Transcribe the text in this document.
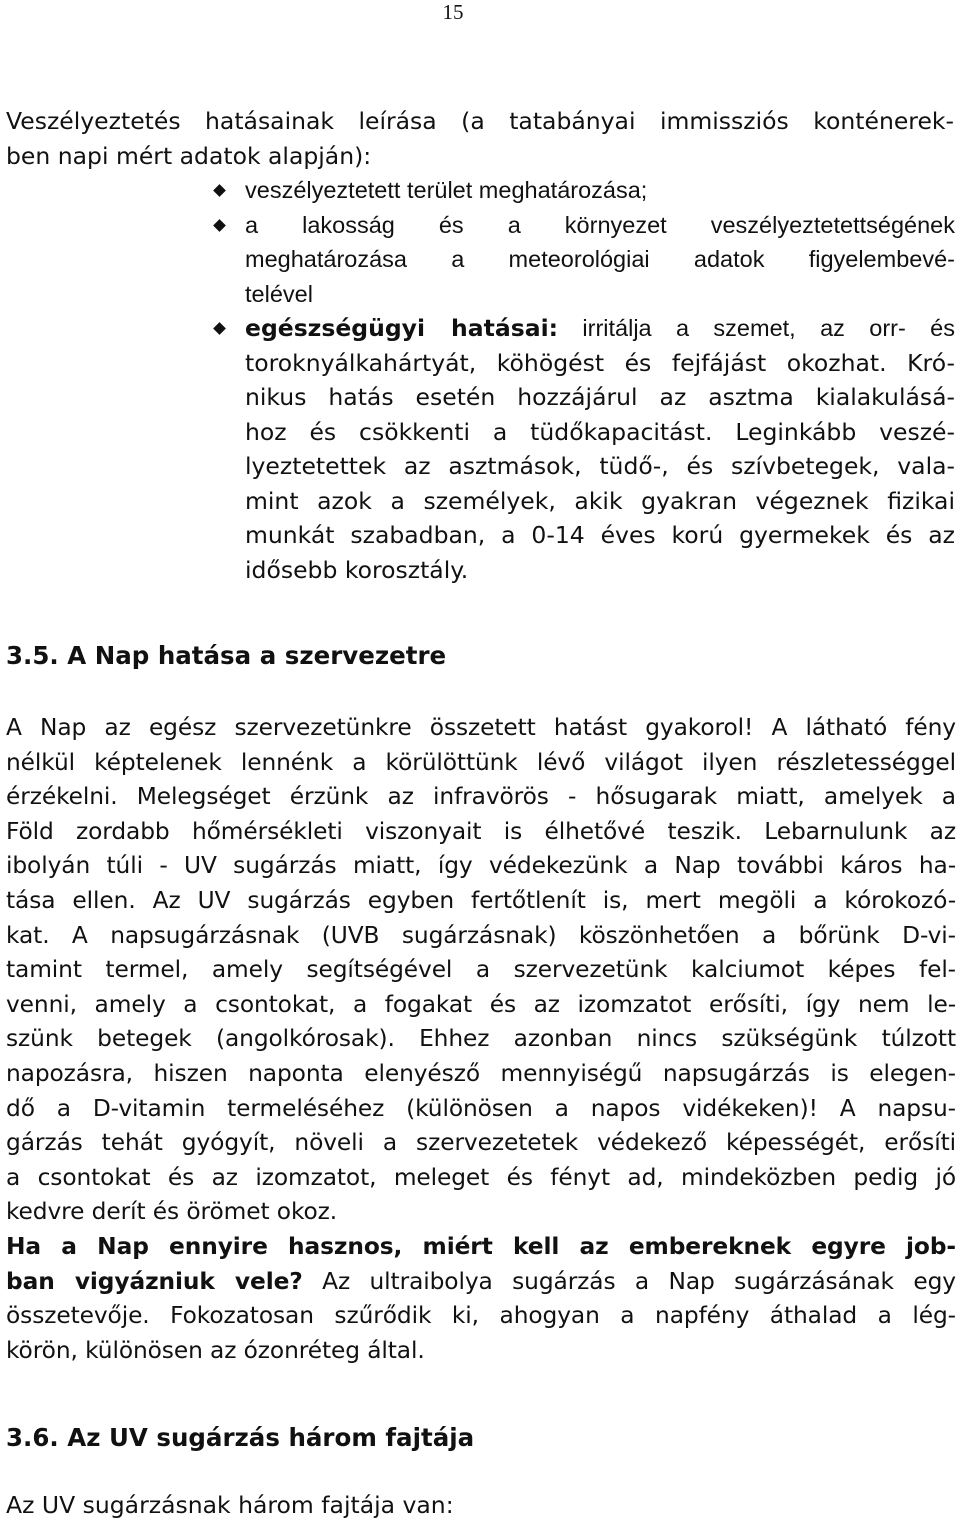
15
Veszélyeztetés hatásainak leírása (a tatabányai immissziós konténerek-
ben napi mért adatok alapján):
veszélyeztetett terület meghatározása;
a lakosság és a környezet veszélyeztetettségének
meghatározása a meteorológiai adatok figyelembevé-
telével
egészségügyi hatásai: irritálja a szemet, az orr- és
toroknyálkahártyát, köhögést és fejfájást okozhat. Kró-
nikus hatás esetén hozzájárul az asztma kialakulásá-
hoz és csökkenti a tüdőkapacitást. Leginkább veszé-
lyeztetettek az asztmások, tüdő-, és szívbetegek, vala-
mint azok a személyek, akik gyakran végeznek fizikai
munkát szabadban, a 0-14 éves korú gyermekek és az
idősebb korosztály.
3.5. A Nap hatása a szervezetre
A Nap az egész szervezetünkre összetett hatást gyakorol! A látható fény
nélkül képtelenek lennénk a körülöttünk lévő világot ilyen részletességgel
érzékelni. Melegséget érzünk az infravörös - hősugarak miatt, amelyek a
Föld zordabb hőmérsékleti viszonyait is élhetővé teszik. Lebarnulunk az
ibolyán túli - UV sugárzás miatt, így védekezünk a Nap további káros ha-
tása ellen. Az UV sugárzás egyben fertőtlenít is, mert megöli a kórokozó-
kat. A napsugárzásnak (UVB sugárzásnak) köszönhetően a bőrünk D-vi-
tamint termel, amely segítségével a szervezetünk kalciumot képes fel-
venni, amely a csontokat, a fogakat és az izomzatot erősíti, így nem le-
szünk betegek (angolkórosak). Ehhez azonban nincs szükségünk túlzott
napozásra, hiszen naponta elenyésző mennyiségű napsugárzás is elegen-
dő a D-vitamin termeléséhez (különösen a napos vidékeken)! A napsu-
gárzás tehát gyógyít, növeli a szervezetetek védekező képességét, erősíti
a csontokat és az izomzatot, meleget és fényt ad, mindeközben pedig jó
kedvre derít és örömet okoz.
Ha a Nap ennyire hasznos, miért kell az embereknek egyre job-
ban vigyázniuk vele? Az ultraibolya sugárzás a Nap sugárzásának egy
összetevője. Fokozatosan szűrődik ki, ahogyan a napfény áthalad a lég-
körön, különösen az ózonréteg által.
3.6. Az UV sugárzás három fajtája
Az UV sugárzásnak három fajtája van:
